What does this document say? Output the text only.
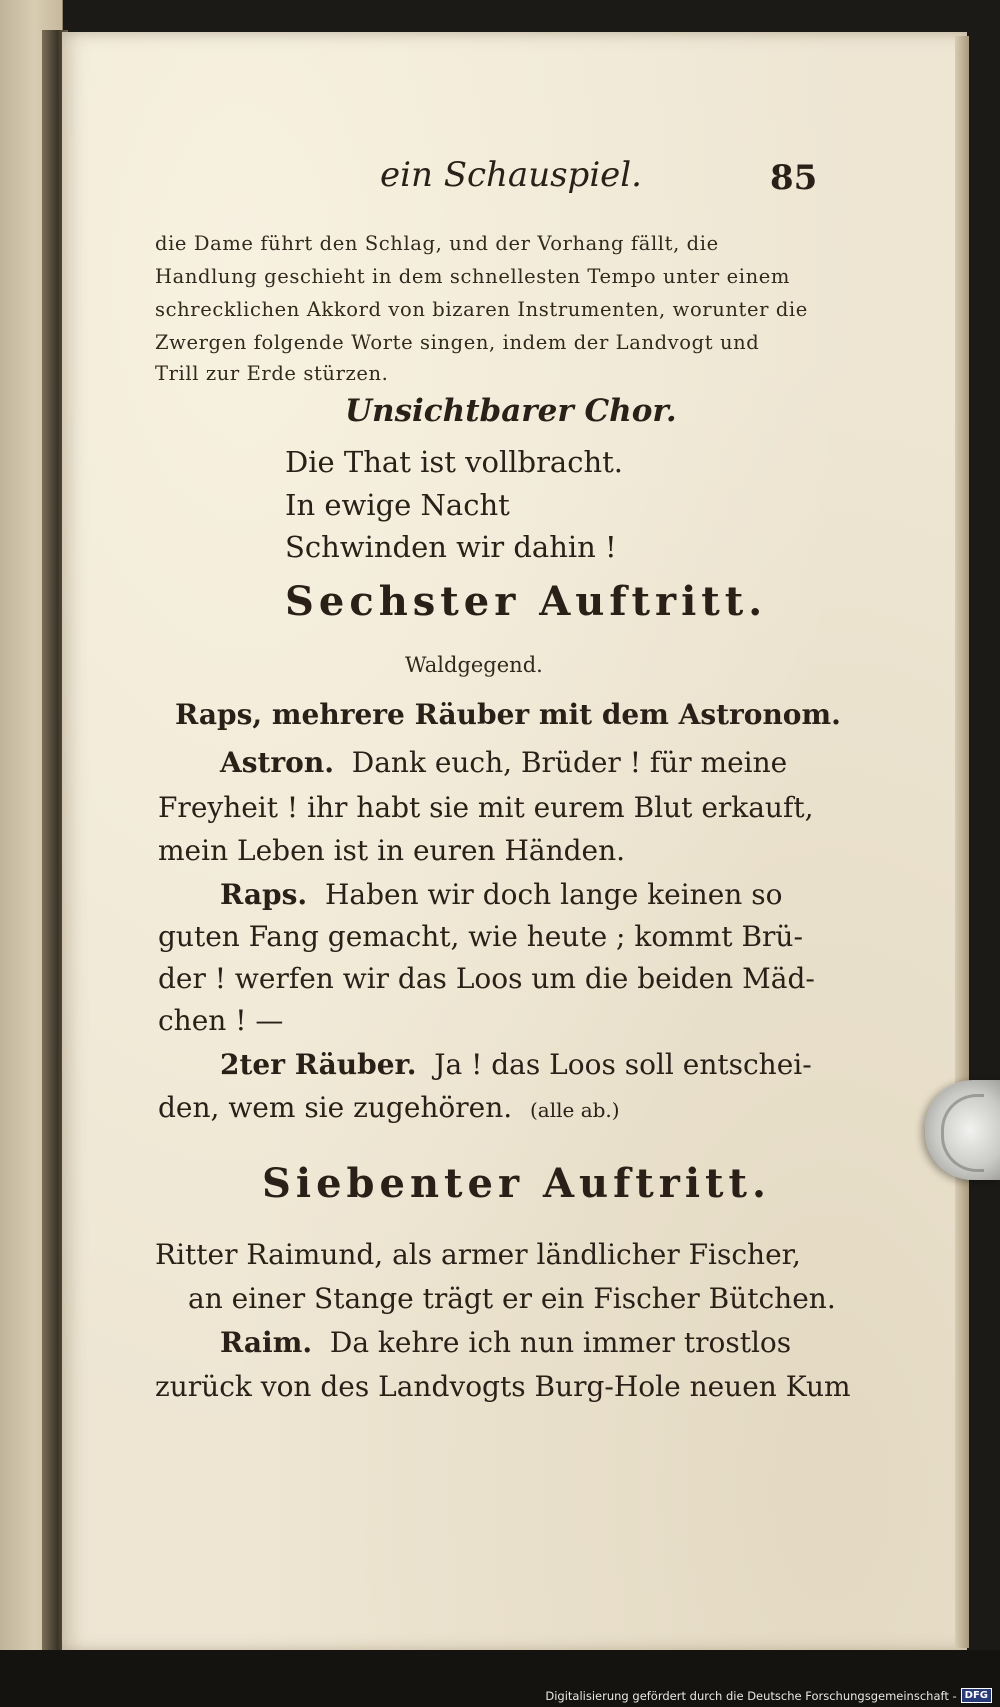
ein Schauspiel.	85
die Dame führt den Schlag, und der Vorhang fällt, die
Handlung geschieht in dem schnellesten Tempo unter einem
schrecklichen Akkord von bizaren Instrumenten, worunter die
Zwergen folgende Worte singen, indem der Landvogt und
Trill zur Erde stürzen.
Unsichtbarer Chor.
Die That ist vollbracht.
In ewige Nacht
Schwinden wir dahin !
Sechster Auftritt.
Waldgegend.
Raps, mehrere Räuber mit dem Astronom.
Astron. Dank euch, Brüder ! für meine
Freyheit ! ihr habt sie mit eurem Blut erkauft,
mein Leben ist in euren Händen.
Raps. Haben wir doch lange keinen so
guten Fang gemacht, wie heute ; kommt Brü-
der ! werfen wir das Loos um die beiden Mäd-
chen ! —
2ter Räuber. Ja ! das Loos soll entschei-
den, wem sie zugehören. (alle ab.)
Siebenter Auftritt.
Ritter Raimund, als armer ländlicher Fischer,
an einer Stange trägt er ein Fischer Bütchen.
Raim. Da kehre ich nun immer trostlos
zurück von des Landvogts Burg-Hole neuen Kum
Digitalisierung gefördert durch die Deutsche Forschungsgemeinschaft - DFG
